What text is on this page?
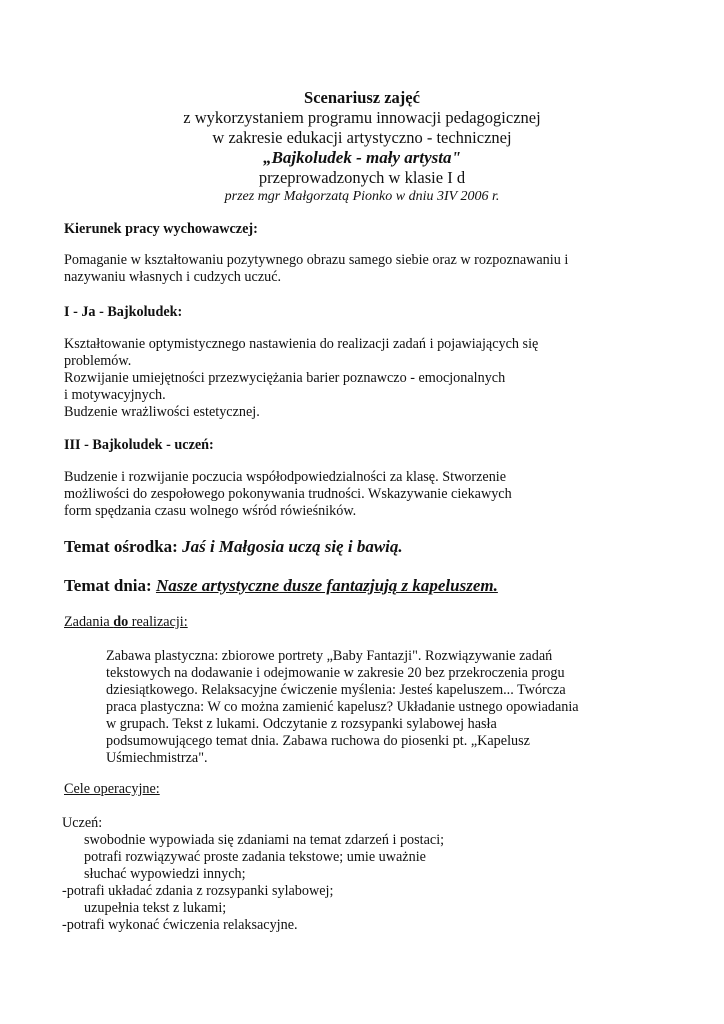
Scenariusz zajęć
z wykorzystaniem programu innowacji pedagogicznej
w zakresie edukacji artystyczno - technicznej
„Bajkoludek - mały artysta"
przeprowadzonych w klasie I d
przez mgr Małgorzatą Pionko w dniu 3IV 2006 r.
Kierunek pracy wychowawczej:
Pomaganie w kształtowaniu pozytywnego obrazu samego siebie oraz w rozpoznawaniu i
nazywaniu własnych i cudzych uczuć.
I - Ja - Bajkoludek:
Kształtowanie optymistycznego nastawienia do realizacji zadań i pojawiających się
problemów.
Rozwijanie umiejętności przezwyciężania barier poznawczo - emocjonalnych
i motywacyjnych.
Budzenie wrażliwości estetycznej.
III - Bajkoludek - uczeń:
Budzenie i rozwijanie poczucia współodpowiedzialności za klasę. Stworzenie
możliwości do zespołowego pokonywania trudności. Wskazywanie ciekawych
form spędzania czasu wolnego wśród rówieśników.
Temat ośrodka: Jaś i Małgosia uczą się i bawią.
Temat dnia: Nasze artystyczne dusze fantazjują z kapeluszem.
Zadania do realizacji:
Zabawa plastyczna: zbiorowe portrety „Baby Fantazji". Rozwiązywanie zadań
tekstowych na dodawanie i odejmowanie w zakresie 20 bez przekroczenia progu
dziesiątkowego. Relaksacyjne ćwiczenie myślenia: Jesteś kapeluszem... Twórcza
praca plastyczna: W co można zamienić kapelusz? Układanie ustnego opowiadania
w grupach. Tekst z lukami. Odczytanie z rozsypanki sylabowej hasła
podsumowującego temat dnia. Zabawa ruchowa do piosenki pt. „Kapelusz
Uśmiechmistrza".
Cele operacyjne:
Uczeń:
swobodnie wypowiada się zdaniami na temat zdarzeń i postaci;
potrafi rozwiązywać proste zadania tekstowe; umie uważnie
słuchać wypowiedzi innych;
-potrafi układać zdania z rozsypanki sylabowej;
uzupełnia tekst z lukami;
-potrafi wykonać ćwiczenia relaksacyjne.
